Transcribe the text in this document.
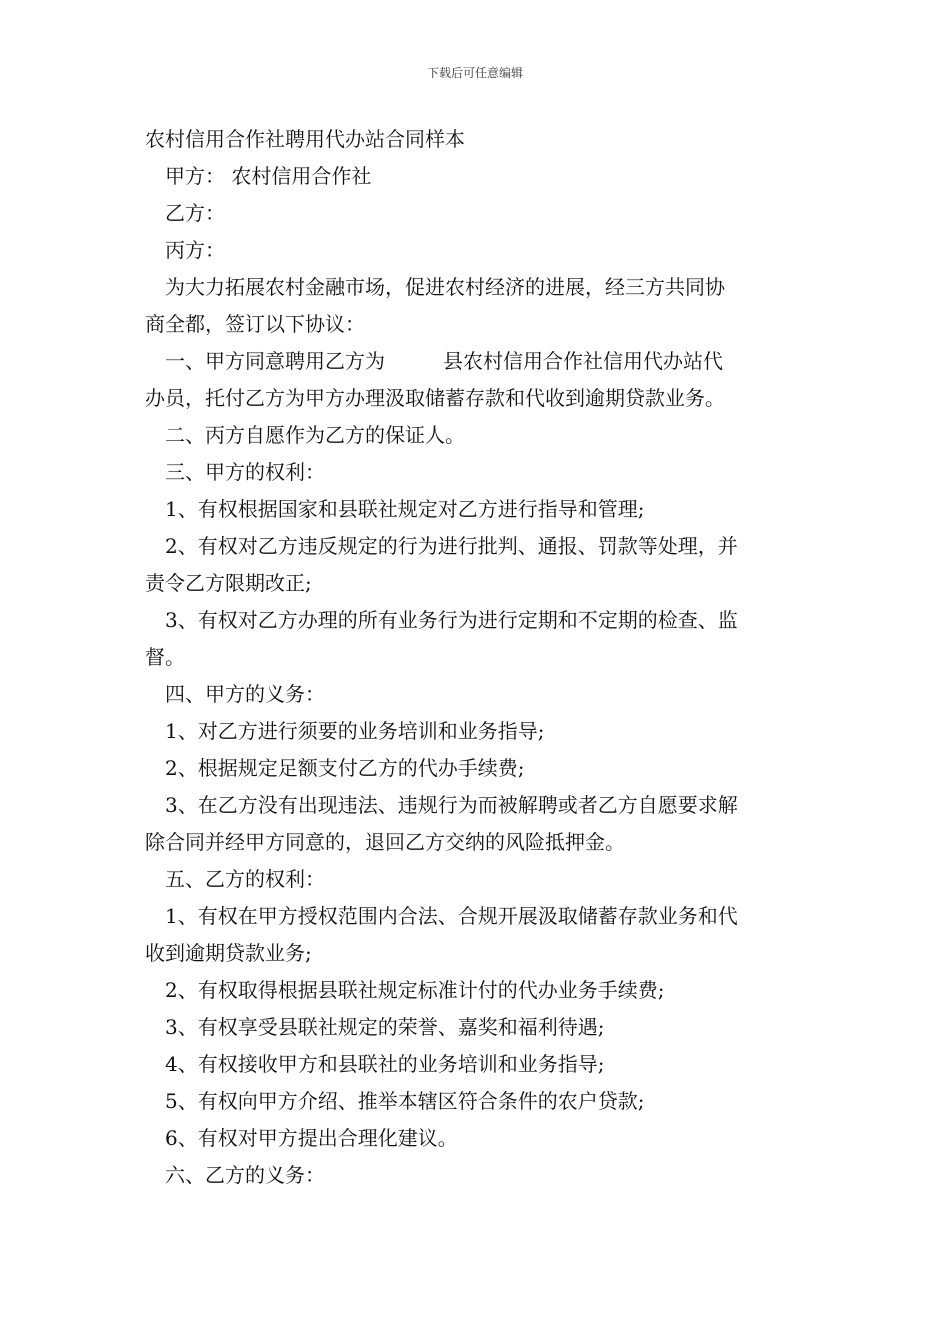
下载后可任意编辑
农村信用合作社聘用代办站合同样本
甲方： 农村信用合作社
乙方：
丙方：
为大力拓展农村金融市场，促进农村经济的进展，经三方共同协
商全都，签订以下协议：
一、甲方同意聘用乙方为	县农村信用合作社信用代办站代
办员，托付乙方为甲方办理汲取储蓄存款和代收到逾期贷款业务。
二、丙方自愿作为乙方的保证人。
三、甲方的权利：
1、有权根据国家和县联社规定对乙方进行指导和管理;
2、有权对乙方违反规定的行为进行批判、通报、罚款等处理，并
责令乙方限期改正;
3、有权对乙方办理的所有业务行为进行定期和不定期的检查、监
督。
四、甲方的义务：
1、对乙方进行须要的业务培训和业务指导;
2、根据规定足额支付乙方的代办手续费;
3、在乙方没有出现违法、违规行为而被解聘或者乙方自愿要求解
除合同并经甲方同意的，退回乙方交纳的风险抵押金。
五、乙方的权利：
1、有权在甲方授权范围内合法、合规开展汲取储蓄存款业务和代
收到逾期贷款业务;
2、有权取得根据县联社规定标准计付的代办业务手续费;
3、有权享受县联社规定的荣誉、嘉奖和福利待遇;
4、有权接收甲方和县联社的业务培训和业务指导;
5、有权向甲方介绍、推举本辖区符合条件的农户贷款;
6、有权对甲方提出合理化建议。
六、乙方的义务：
